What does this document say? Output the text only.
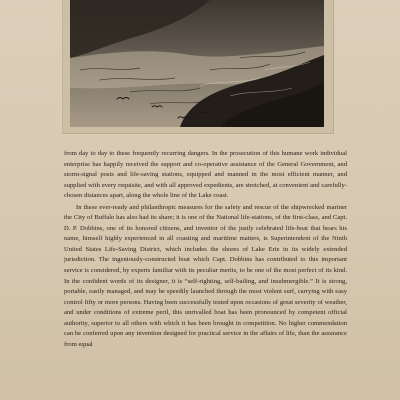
from day to day to these frequently recurring dangers. In the prosecution of this humane work individual enterprise has happily received the support and co-operative assistance of the General Government, and storm-signal posts and life-saving stations, equipped and manned in the most efficient manner, and supplied with every requisite, and with all approved expedients, are stretched, at convenient and carefully-chosen distances apart, along the whole line of the Lake coast.

In these ever-ready and philanthropic measures for the safety and rescue of the shipwrecked mariner the City of Buffalo has also had its share; it is one of the National life-stations, of the first-class, and Capt. D. P. Dobbins, one of its honored citizens, and inventor of the justly celebrated life-boat that bears his name, himself highly experienced in all coasting and maritime matters, is Superintendent of the Ninth United States Life-Saving District, which includes the shores of Lake Erie in its widely extended jurisdiction. The ingeniously-constructed boat which Capt. Dobbins has contributed to this important service is considered, by experts familiar with its peculiar merits, to be one of the most perfect of its kind. In the confident words of its designer, it is “self-righting, self-bailing, and insubmergible.” It is strong, portable, easily managed, and may be speedily launched through the most violent surf, carrying with easy control fifty or more persons. Having been successfully tested upon occasions of great severity of weather, and under conditions of extreme peril, this unrivalled boat has been pronounced by competent official authority, superior to all others with which it has been brought in competition. No higher commendation can be conferred upon any invention designed for practical service in the affairs of life, than the assurance from equal
